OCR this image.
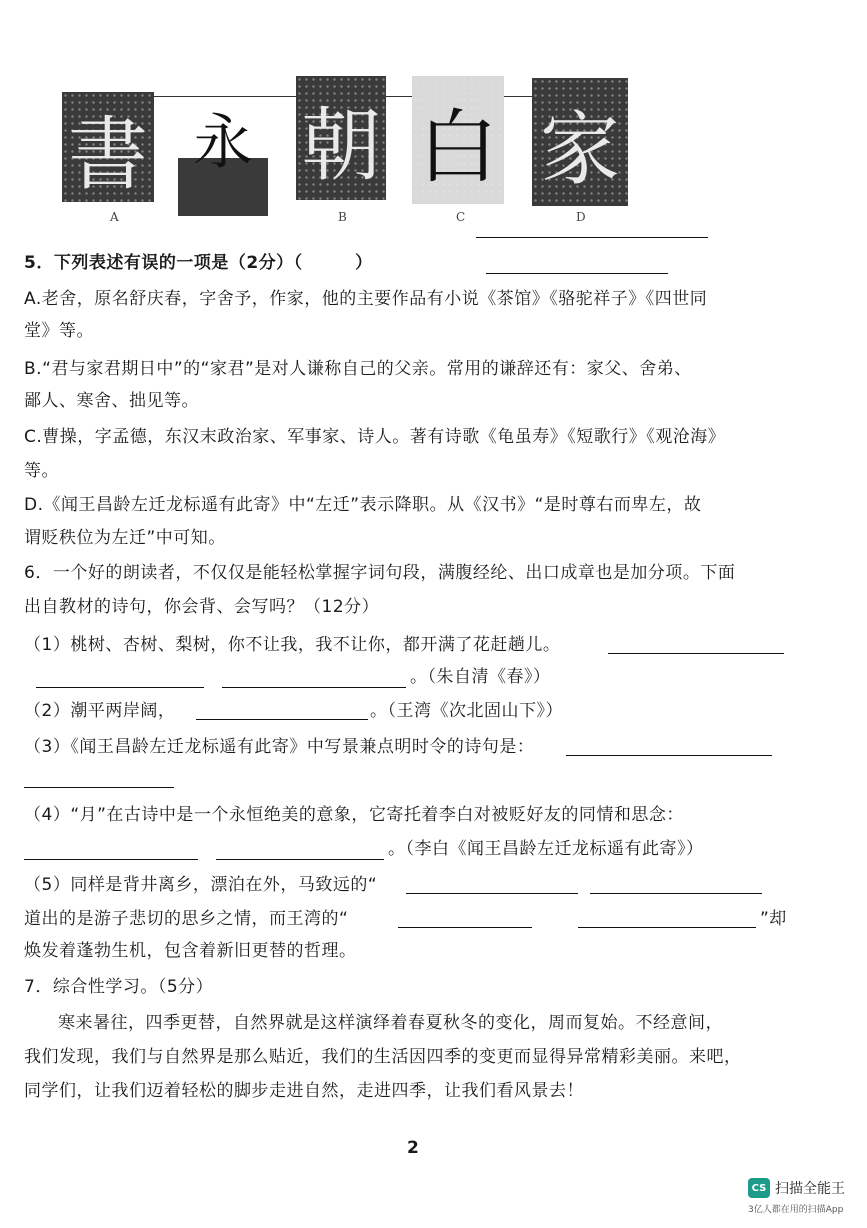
書 永 朝 白 家
A	B	C	D
5．下列表述有误的一项是（2分）（　　　）
A.老舍，原名舒庆春，字舍予，作家，他的主要作品有小说《茶馆》《骆驼祥子》《四世同
堂》等。
B.“君与家君期日中”的“家君”是对人谦称自己的父亲。常用的谦辞还有：家父、舍弟、
鄙人、寒舍、拙见等。
C.曹操，字孟德，东汉末政治家、军事家、诗人。著有诗歌《龟虽寿》《短歌行》《观沧海》
等。
D.《闻王昌龄左迁龙标遥有此寄》中“左迁”表示降职。从《汉书》“是时尊右而卑左，故
谓贬秩位为左迁”中可知。
6．一个好的朗读者，不仅仅是能轻松掌握字词句段，满腹经纶、出口成章也是加分项。下面
出自教材的诗句，你会背、会写吗？（12分）
（1）桃树、杏树、梨树，你不让我，我不让你，都开满了花赶趟儿。
。（朱自清《春》）
（2）潮平两岸阔，	。（王湾《次北固山下》）
（3）《闻王昌龄左迁龙标遥有此寄》中写景兼点明时令的诗句是：
（4）“月”在古诗中是一个永恒绝美的意象，它寄托着李白对被贬好友的同情和思念：
。（李白《闻王昌龄左迁龙标遥有此寄》）
（5）同样是背井离乡，漂泊在外，马致远的“
道出的是游子悲切的思乡之情，而王湾的“	”却
焕发着蓬勃生机，包含着新旧更替的哲理。
7．综合性学习。（5分）
寒来暑往，四季更替，自然界就是这样演绎着春夏秋冬的变化，周而复始。不经意间，
我们发现，我们与自然界是那么贴近，我们的生活因四季的变更而显得异常精彩美丽。来吧，
同学们，让我们迈着轻松的脚步走进自然，走进四季，让我们看风景去！
2
CS 扫描全能王
3亿人都在用的扫描App
